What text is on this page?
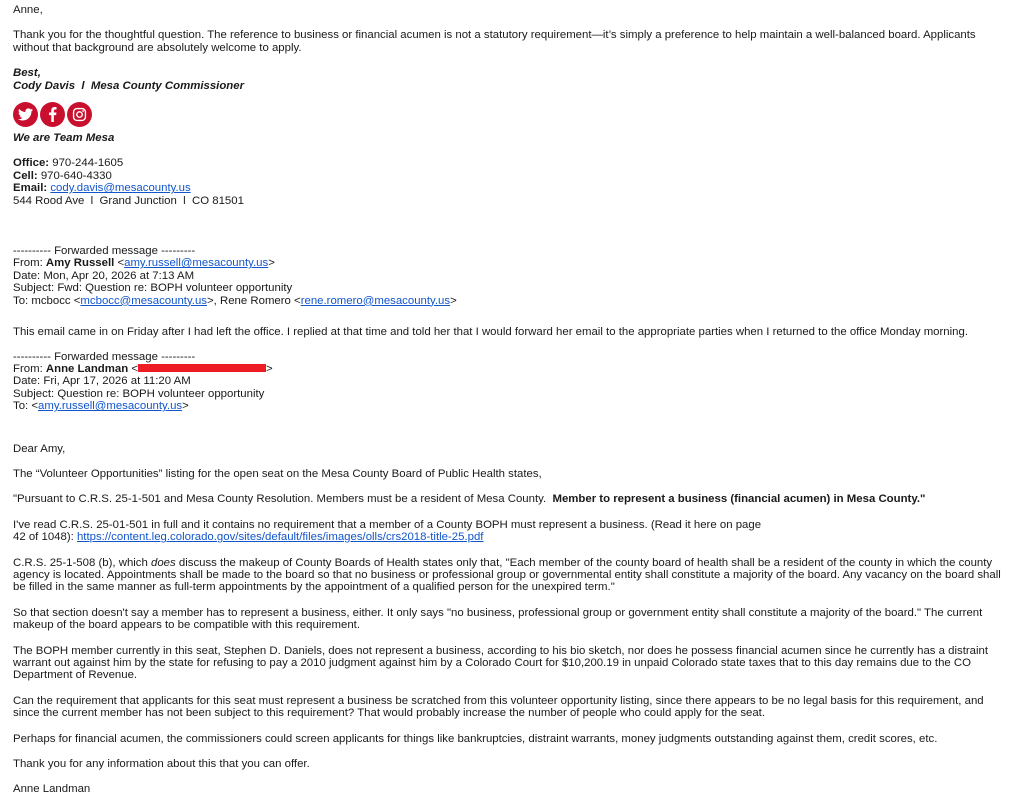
Anne,

Thank you for the thoughtful question. The reference to business or financial acumen is not a statutory requirement—it’s simply a preference to help maintain a well-balanced board. Applicants without that background are absolutely welcome to apply.

Best,

Cody Davis  l  Mesa County Commissioner

We are Team Mesa

Office: 970-244-1605

Cell: 970-640-4330

Email: cody.davis@mesacounty.us

544 Rood Ave  l  Grand Junction  l  CO 81501

---------- Forwarded message ---------

From: Amy Russell <amy.russell@mesacounty.us>

Date: Mon, Apr 20, 2026 at 7:13 AM

Subject: Fwd: Question re: BOPH volunteer opportunity

To: mcbocc <mcbocc@mesacounty.us>, Rene Romero <rene.romero@mesacounty.us>

This email came in on Friday after I had left the office. I replied at that time and told her that I would forward her email to the appropriate parties when I returned to the office Monday morning.

---------- Forwarded message ---------

From: Anne Landman <	>

Date: Fri, Apr 17, 2026 at 11:20 AM

Subject: Question re: BOPH volunteer opportunity

To: <amy.russell@mesacounty.us>

Dear Amy,

The “Volunteer Opportunities” listing for the open seat on the Mesa County Board of Public Health states,

"Pursuant to C.R.S. 25-1-501 and Mesa County Resolution. Members must be a resident of Mesa County.  Member to represent a business (financial acumen) in Mesa County."

I've read C.R.S. 25-01-501 in full and it contains no requirement that a member of a County BOPH must represent a business. (Read it here on page 42 of 1048): https://content.leg.colorado.gov/sites/default/files/images/olls/crs2018-title-25.pdf

C.R.S. 25-1-508 (b), which does discuss the makeup of County Boards of Health states only that, "Each member of the county board of health shall be a resident of the county in which the county agency is located. Appointments shall be made to the board so that no business or professional group or governmental entity shall constitute a majority of the board. Any vacancy on the board shall be filled in the same manner as full-term appointments by the appointment of a qualified person for the unexpired term."

So that section doesn't say a member has to represent a business, either. It only says "no business, professional group or government entity shall constitute a majority of the board." The current makeup of the board appears to be compatible with this requirement.

The BOPH member currently in this seat, Stephen D. Daniels, does not represent a business, according to his bio sketch, nor does he possess financial acumen since he currently has a distraint warrant out against him by the state for refusing to pay a 2010 judgment against him by a Colorado Court for $10,200.19 in unpaid Colorado state taxes that to this day remains due to the CO Department of Revenue.

Can the requirement that applicants for this seat must represent a business be scratched from this volunteer opportunity listing, since there appears to be no legal basis for this requirement, and since the current member has not been subject to this requirement? That would probably increase the number of people who could apply for the seat.

Perhaps for financial acumen, the commissioners could screen applicants for things like bankruptcies, distraint warrants, money judgments outstanding against them, credit scores, etc.

Thank you for any information about this that you can offer.

Anne Landman
